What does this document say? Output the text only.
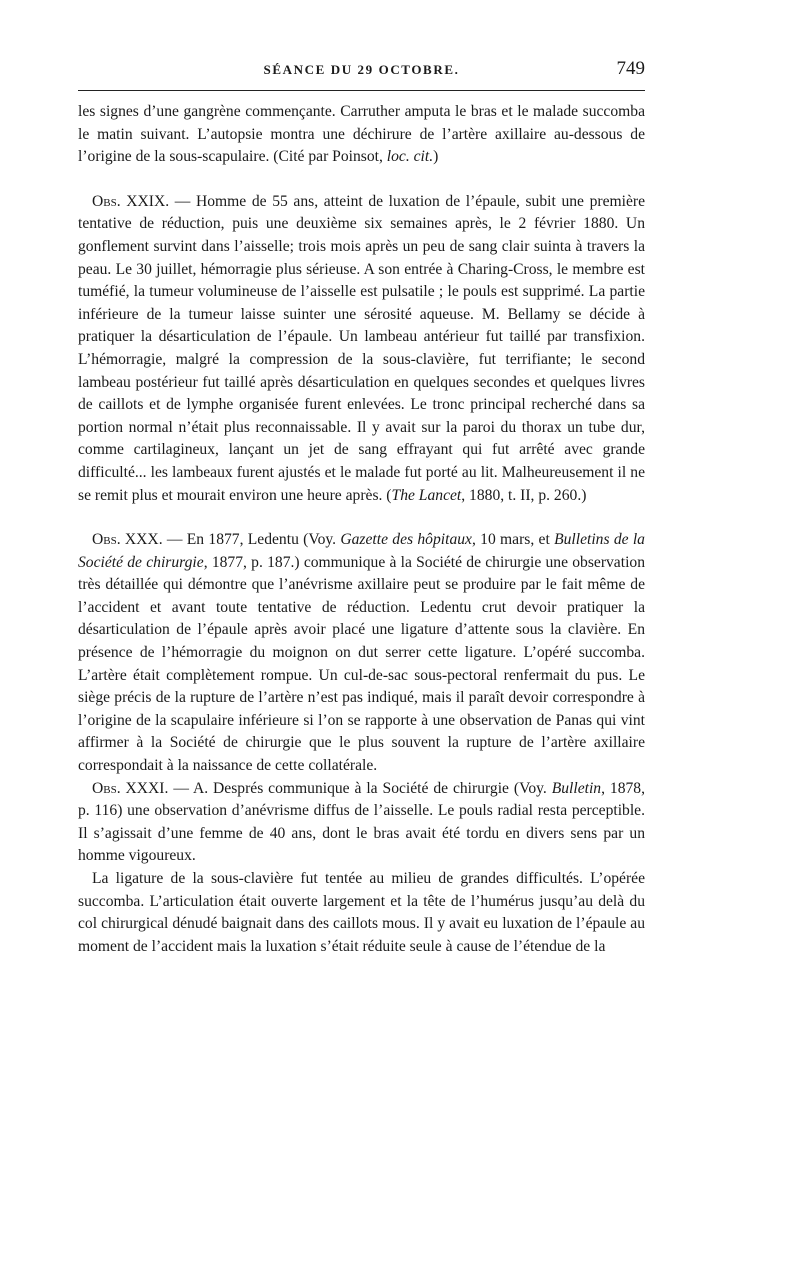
SÉANCE DU 29 OCTOBRE.	749

les signes d’une gangrène commençante. Carruther amputa le bras et le malade succomba le matin suivant. L’autopsie montra une déchirure de l’artère axillaire au-dessous de l’origine de la sous-scapulaire. (Cité par Poinsot, loc. cit.)

Obs. XXIX. — Homme de 55 ans, atteint de luxation de l’épaule, subit une première tentative de réduction, puis une deuxième six semaines après, le 2 février 1880. Un gonflement survint dans l’aisselle; trois mois après un peu de sang clair suinta à travers la peau. Le 30 juillet, hémorragie plus sérieuse. A son entrée à Charing-Cross, le membre est tuméfié, la tumeur volumineuse de l’aisselle est pulsatile ; le pouls est supprimé. La partie inférieure de la tumeur laisse suinter une sérosité aqueuse. M. Bellamy se décide à pratiquer la désarticulation de l’épaule. Un lambeau antérieur fut taillé par transfixion. L’hémorragie, malgré la compression de la sous-clavière, fut terrifiante; le second lambeau postérieur fut taillé après désarticulation en quelques secondes et quelques livres de caillots et de lymphe organisée furent enlevées. Le tronc principal recherché dans sa portion normal n’était plus reconnaissable. Il y avait sur la paroi du thorax un tube dur, comme cartilagineux, lançant un jet de sang effrayant qui fut arrêté avec grande difficulté... les lambeaux furent ajustés et le malade fut porté au lit. Malheureusement il ne se remit plus et mourait environ une heure après. (The Lancet, 1880, t. II, p. 260.)

Obs. XXX. — En 1877, Ledentu (Voy. Gazette des hôpitaux, 10 mars, et Bulletins de la Société de chirurgie, 1877, p. 187.) communique à la Société de chirurgie une observation très détaillée qui démontre que l’anévrisme axillaire peut se produire par le fait même de l’accident et avant toute tentative de réduction. Ledentu crut devoir pratiquer la désarticulation de l’épaule après avoir placé une ligature d’attente sous la clavière. En présence de l’hémorragie du moignon on dut serrer cette ligature. L’opéré succomba. L’artère était complètement rompue. Un cul-de-sac sous-pectoral renfermait du pus. Le siège précis de la rupture de l’artère n’est pas indiqué, mais il paraît devoir correspondre à l’origine de la scapulaire inférieure si l’on se rapporte à une observation de Panas qui vint affirmer à la Société de chirurgie que le plus souvent la rupture de l’artère axillaire correspondait à la naissance de cette collatérale.

Obs. XXXI. — A. Després communique à la Société de chirurgie (Voy. Bulletin, 1878, p. 116) une observation d’anévrisme diffus de l’aisselle. Le pouls radial resta perceptible. Il s’agissait d’une femme de 40 ans, dont le bras avait été tordu en divers sens par un homme vigoureux.

La ligature de la sous-clavière fut tentée au milieu de grandes difficultés. L’opérée succomba. L’articulation était ouverte largement et la tête de l’humérus jusqu’au delà du col chirurgical dénudé baignait dans des caillots mous. Il y avait eu luxation de l’épaule au moment de l’accident mais la luxation s’était réduite seule à cause de l’étendue de la
